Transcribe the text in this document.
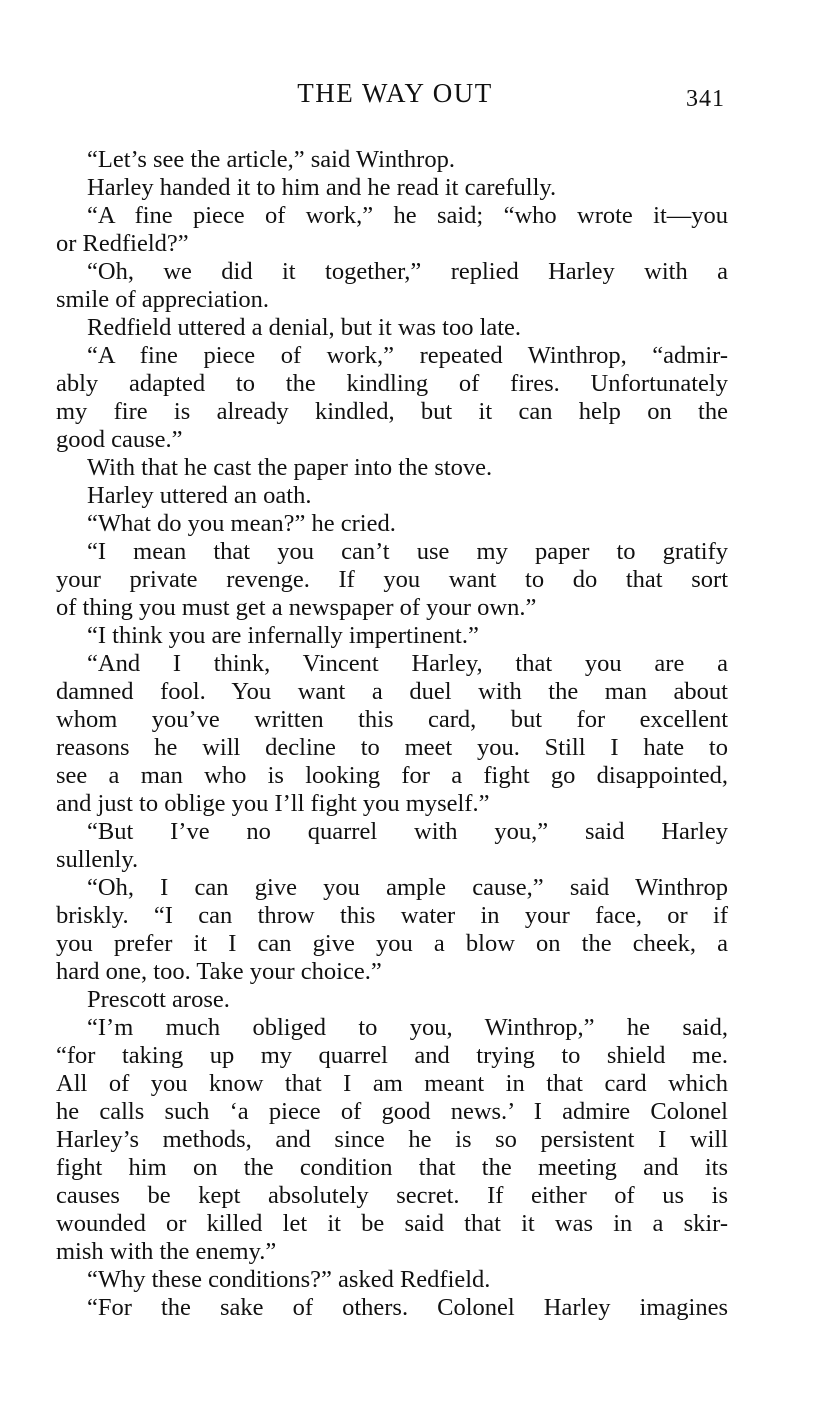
THE WAY OUT	341
“Let’s see the article,” said Winthrop.
Harley handed it to him and he read it carefully.
“A fine piece of work,” he said; “who wrote it—you
or Redfield?”
“Oh, we did it together,” replied Harley with a
smile of appreciation.
Redfield uttered a denial, but it was too late.
“A fine piece of work,” repeated Winthrop, “admir-
ably adapted to the kindling of fires. Unfortunately
my fire is already kindled, but it can help on the
good cause.”
With that he cast the paper into the stove.
Harley uttered an oath.
“What do you mean?” he cried.
“I mean that you can’t use my paper to gratify
your private revenge. If you want to do that sort
of thing you must get a newspaper of your own.”
“I think you are infernally impertinent.”
“And I think, Vincent Harley, that you are a
damned fool. You want a duel with the man about
whom you’ve written this card, but for excellent
reasons he will decline to meet you. Still I hate to
see a man who is looking for a fight go disappointed,
and just to oblige you I’ll fight you myself.”
“But I’ve no quarrel with you,” said Harley
sullenly.
“Oh, I can give you ample cause,” said Winthrop
briskly. “I can throw this water in your face, or if
you prefer it I can give you a blow on the cheek, a
hard one, too. Take your choice.”
Prescott arose.
“I’m much obliged to you, Winthrop,” he said,
“for taking up my quarrel and trying to shield me.
All of you know that I am meant in that card which
he calls such ‘a piece of good news.’ I admire Colonel
Harley’s methods, and since he is so persistent I will
fight him on the condition that the meeting and its
causes be kept absolutely secret. If either of us is
wounded or killed let it be said that it was in a skir-
mish with the enemy.”
“Why these conditions?” asked Redfield.
“For the sake of others. Colonel Harley imagines
